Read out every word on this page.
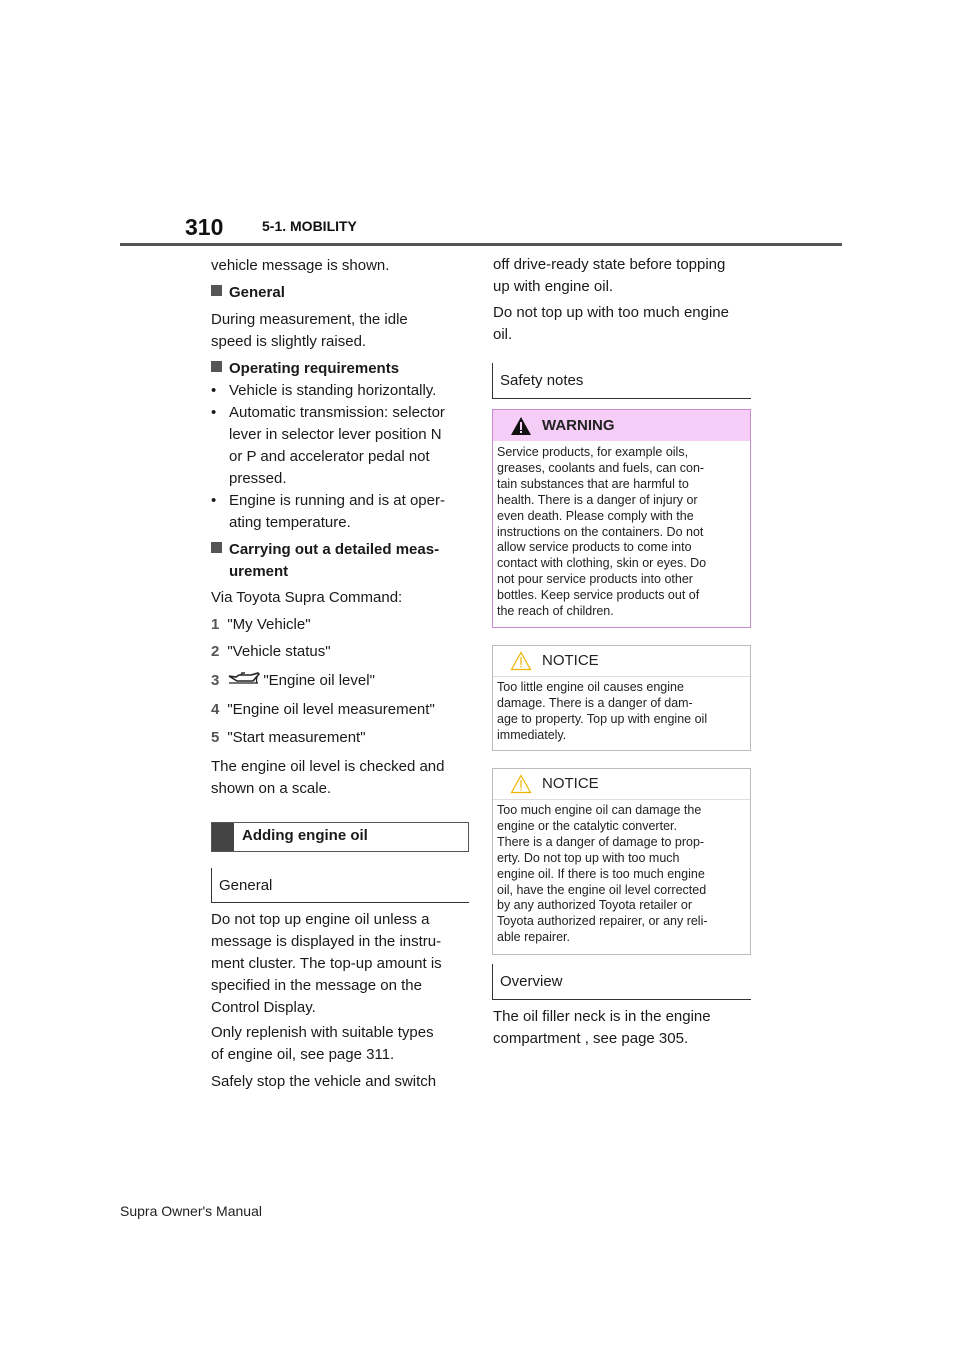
310	5-1. MOBILITY
vehicle message is shown.
General
During measurement, the idle
speed is slightly raised.
Operating requirements
• Vehicle is standing horizontally.
• Automatic transmission: selector
lever in selector lever position N
or P and accelerator pedal not
pressed.
• Engine is running and is at oper-
ating temperature.
Carrying out a detailed meas-
urement
Via Toyota Supra Command:
1 "My Vehicle"
2 "Vehicle status"
3	"Engine oil level"
4 "Engine oil level measurement"
5 "Start measurement"
The engine oil level is checked and
shown on a scale.
Adding engine oil
General
Do not top up engine oil unless a
message is displayed in the instru-
ment cluster. The top-up amount is
specified in the message on the
Control Display.
Only replenish with suitable types
of engine oil, see page 311.
Safely stop the vehicle and switch
off drive-ready state before topping
up with engine oil.
Do not top up with too much engine
oil.
Safety notes
WARNING
Service products, for example oils,
greases, coolants and fuels, can con-
tain substances that are harmful to
health. There is a danger of injury or
even death. Please comply with the
instructions on the containers. Do not
allow service products to come into
contact with clothing, skin or eyes. Do
not pour service products into other
bottles. Keep service products out of
the reach of children.
NOTICE
Too little engine oil causes engine
damage. There is a danger of dam-
age to property. Top up with engine oil
immediately.
NOTICE
Too much engine oil can damage the
engine or the catalytic converter.
There is a danger of damage to prop-
erty. Do not top up with too much
engine oil. If there is too much engine
oil, have the engine oil level corrected
by any authorized Toyota retailer or
Toyota authorized repairer, or any reli-
able repairer.
Overview
The oil filler neck is in the engine
compartment , see page 305.
Supra Owner's Manual
